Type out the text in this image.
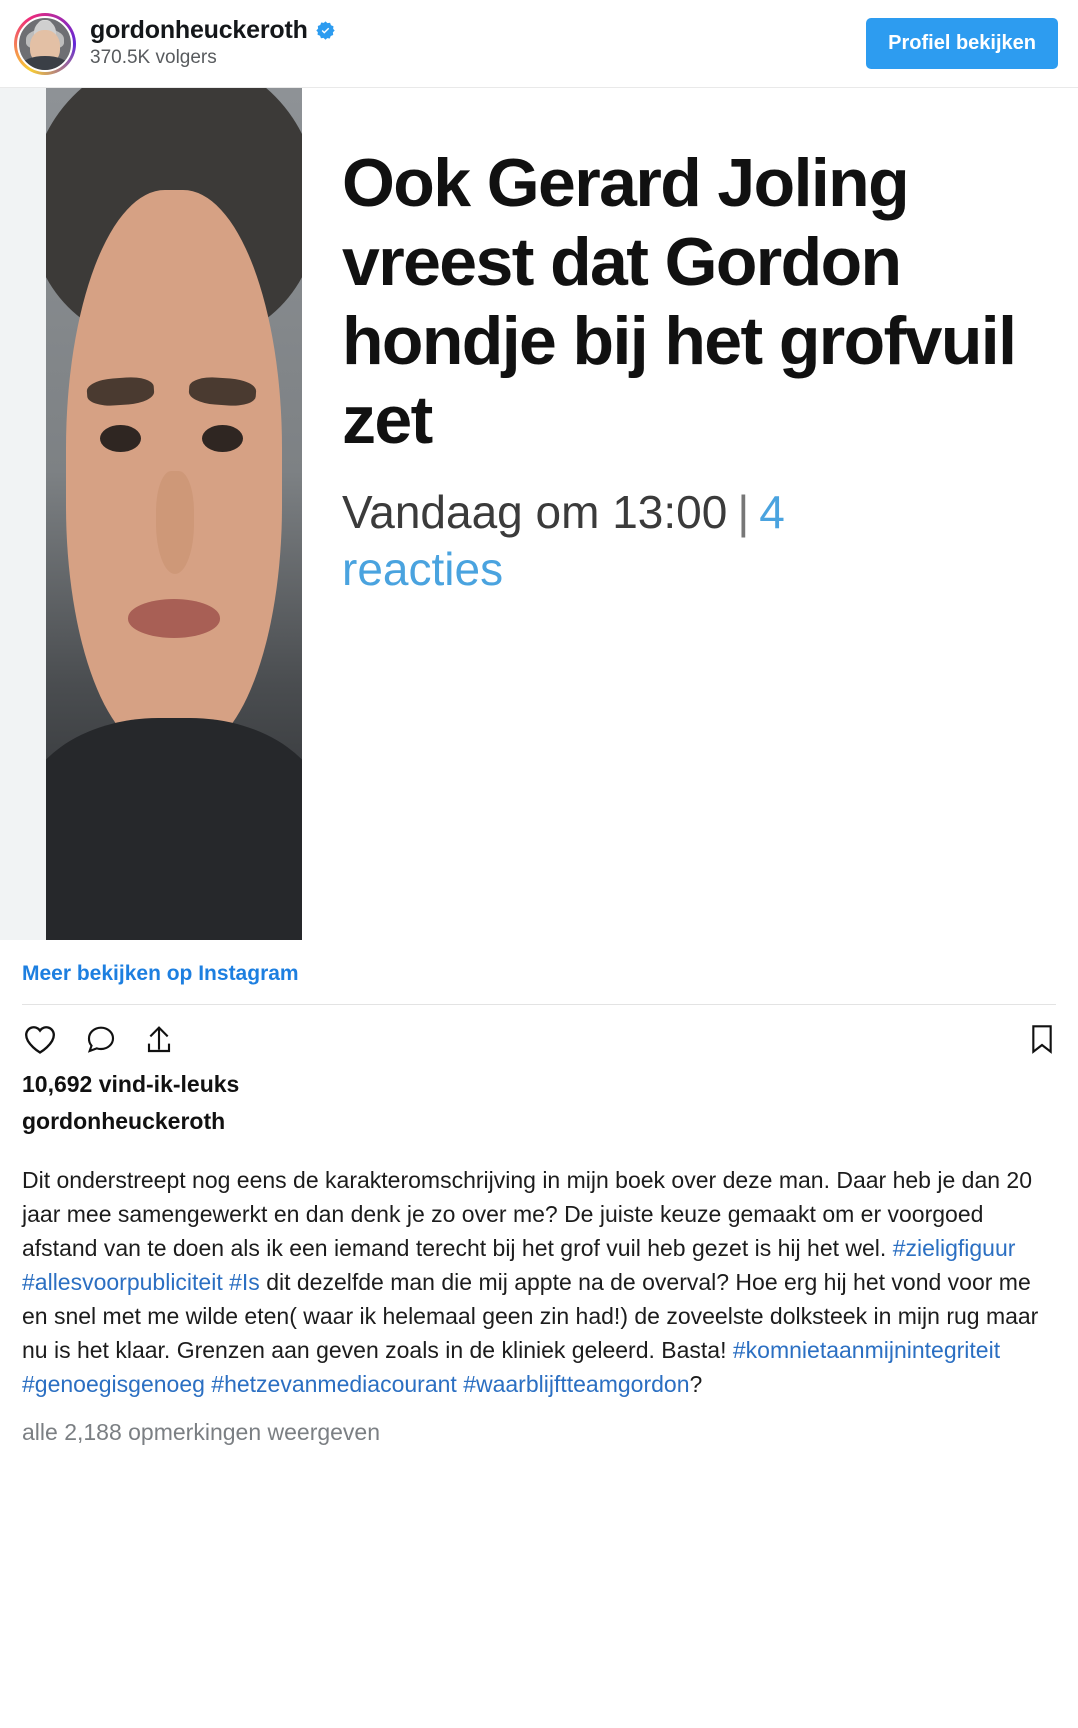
gordonheuckeroth
370.5K volgers
Profiel bekijken
Ook Gerard Joling vreest dat Gordon hondje bij het grofvuil zet
Vandaag om 13:00 | 4
reacties
Meer bekijken op Instagram
10,692 vind-ik-leuks
gordonheuckeroth
Dit onderstreept nog eens de karakteromschrijving in mijn boek over deze man. Daar heb je dan 20 jaar mee samengewerkt en dan denk je zo over me? De juiste keuze gemaakt om er voorgoed afstand van te doen als ik een iemand terecht bij het grof vuil heb gezet is hij het wel. #zieligfiguur #allesvoorpubliciteit #Is dit dezelfde man die mij appte na de overval? Hoe erg hij het vond voor me en snel met me wilde eten( waar ik helemaal geen zin had!) de zoveelste dolksteek in mijn rug maar nu is het klaar. Grenzen aan geven zoals in de kliniek geleerd. Basta! #komnietaanmijnintegriteit #genoegisgenoeg #hetzevanmediacourant #waarblijftteamgordon?
alle 2,188 opmerkingen weergeven
